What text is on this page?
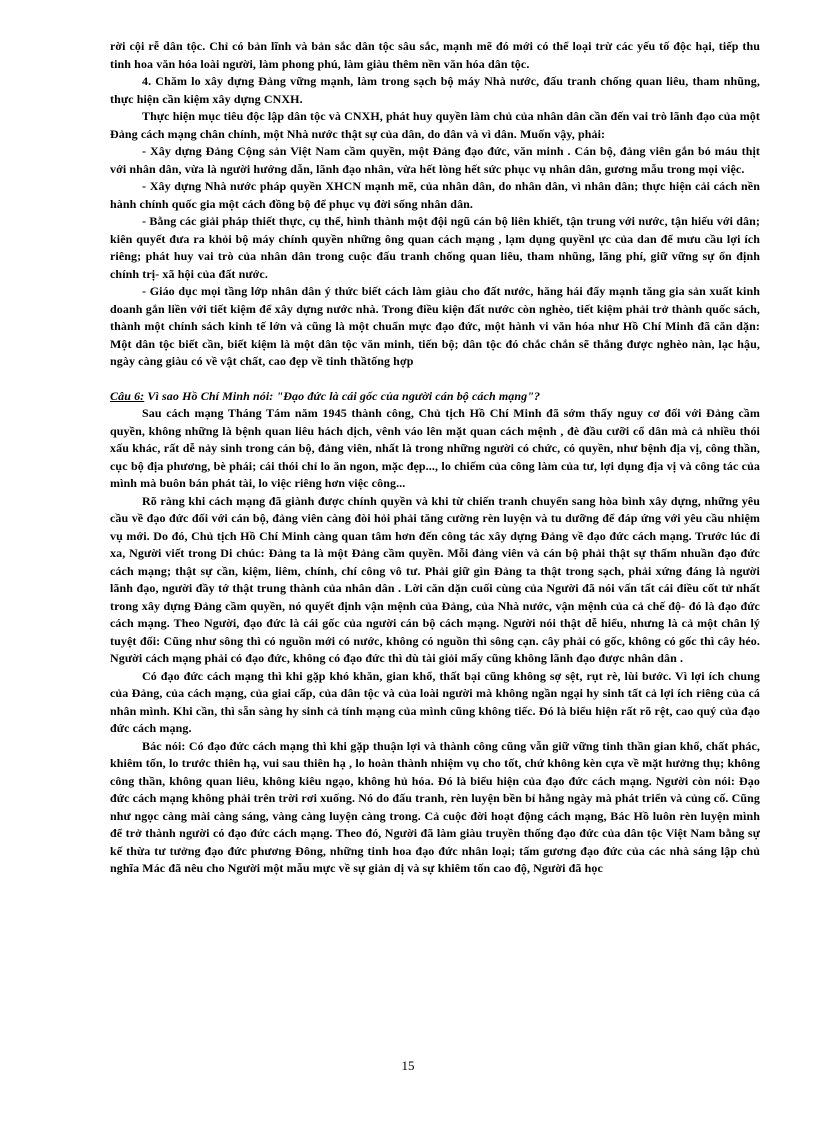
rời cội rễ dân tộc. Chỉ có bản lĩnh và bản sắc dân tộc sâu sắc, mạnh mẽ đó mới có thể loại trừ các yếu tố độc hại, tiếp thu tinh hoa văn hóa loài người, làm phong phú, làm giàu thêm nền văn hóa dân tộc.

4. Chăm lo xây dựng Đảng vững mạnh, làm trong sạch bộ máy Nhà nước, đấu tranh chống quan liêu, tham nhũng, thực hiện cần kiệm xây dựng CNXH.

Thực hiện mục tiêu độc lập dân tộc và CNXH, phát huy quyền làm chủ của nhân dân cần đến vai trò lãnh đạo của một Đảng cách mạng chân chính, một Nhà nước thật sự của dân, do dân và vì dân. Muốn vậy, phải:

- Xây dựng Đảng Cộng sản Việt Nam cầm quyền, một Đảng đạo đức, văn minh . Cán bộ, đảng viên gắn bó máu thịt với nhân dân, vừa là người hướng dẫn, lãnh đạo nhân, vừa hết lòng hết sức phục vụ nhân dân, gương mẫu trong mọi việc.

- Xây dựng Nhà nước pháp quyền XHCN mạnh mẽ, của nhân dân, do nhân dân, vì nhân dân; thực hiện cải cách nền hành chính quốc gia một cách đồng bộ để phục vụ đời sống nhân dân.

- Bằng các giải pháp thiết thực, cụ thể, hình thành một đội ngũ cán bộ liên khiết, tận trung với nước, tận hiếu với dân; kiên quyết đưa ra khỏi bộ máy chính quyền những ông quan cách mạng , lạm dụng quyềnl ực của dan để mưu cầu lợi ích riêng; phát huy vai trò của nhân dân trong cuộc đấu tranh chống quan liêu, tham nhũng, lãng phí, giữ vững sự ổn định chính trị- xã hội của đất nước.

- Giáo dục mọi tầng lớp nhân dân ý thức biết cách làm giàu cho đất nước, hăng hái đẩy mạnh tăng gia sản xuất kinh doanh gắn liền với tiết kiệm để xây dựng nước nhà. Trong điều kiện đất nước còn nghèo, tiết kiệm phải trở thành quốc sách, thành một chính sách kinh tế lớn và cũng là một chuẩn mực đạo đức, một hành vi văn hóa như Hồ Chí Minh đã căn dặn: Một dân tộc biết cần, biết kiệm là một dân tộc văn minh, tiến bộ; dân tộc đó chắc chắn sẽ thắng được nghèo nàn, lạc hậu, ngày càng giàu có về vật chất, cao đẹp về tinh thầtống hợp

Câu 6: Vì sao Hồ Chí Minh nói: "Đạo đức là cái gốc của người cán bộ cách mạng"?

Sau cách mạng Tháng Tám năm 1945 thành công, Chủ tịch Hồ Chí Minh đã sớm thấy nguy cơ đối với Đảng cầm quyền, không những là bệnh quan liêu hách dịch, vênh váo lên mặt quan cách mệnh , đè đầu cưỡi cổ dân mà cả nhiều thói xấu khác, rất dễ nảy sinh trong cán bộ, đảng viên, nhất là trong những người có chức, có quyền, như bệnh địa vị, công thần, cục bộ địa phương, bè phái; cái thói chỉ lo ăn ngon, mặc đẹp..., lo chiếm của công làm của tư, lợi dụng địa vị và công tác của mình mà buôn bán phát tài, lo việc riêng hơn việc công...

Rõ ràng khi cách mạng đã giành được chính quyền và khi từ chiến tranh chuyển sang hòa bình xây dựng, những yêu cầu về đạo đức đối với cán bộ, đảng viên càng đòi hỏi phải tăng cường rèn luyện và tu dưỡng để đáp ứng với yêu cầu nhiệm vụ mới. Do đó, Chủ tịch Hồ Chí Minh càng quan tâm hơn đến công tác xây dựng Đảng về đạo đức cách mạng. Trước lúc đi xa, Người viết trong Di chúc: Đảng ta là một Đảng cầm quyền. Mỗi đảng viên và cán bộ phải thật sự thấm nhuần đạo đức cách mạng; thật sự cần, kiệm, liêm, chính, chí công vô tư. Phải giữ gìn Đảng ta thật trong sạch, phải xứng đáng là người lãnh đạo, người đầy tớ thật trung thành của nhân dân . Lời căn dặn cuối cùng của Người đã nói vấn tất cái điều cốt tử nhất trong xây dựng Đảng cầm quyền, nó quyết định vận mệnh của Đảng, của Nhà nước, vận mệnh của cả chế độ- đó là đạo đức cách mạng. Theo Người, đạo đức là cái gốc của người cán bộ cách mạng. Người nói thật dễ hiểu, nhưng là cả một chân lý tuyệt đối: Cũng như sông thì có nguồn mới có nước, không có nguồn thì sông cạn. cây phải có gốc, không có gốc thì cây héo. Người cách mạng phải có đạo đức, không có đạo đức thì dù tài giỏi mấy cũng không lãnh đạo được nhân dân .

Có đạo đức cách mạng thì khi gặp khó khăn, gian khổ, thất bại cũng không sợ sệt, rụt rè, lùi bước. Vì lợi ích chung của Đảng, của cách mạng, của giai cấp, của dân tộc và của loài người mà không ngần ngại hy sinh tất cả lợi ích riêng của cá nhân mình. Khi cần, thì sẵn sàng hy sinh cả tính mạng của mình cũng không tiếc. Đó là biểu hiện rất rõ rệt, cao quý của đạo đức cách mạng.

Bác nói: Có đạo đức cách mạng thì khi gặp thuận lợi và thành công cũng vẫn giữ vững tinh thần gian khổ, chất phác, khiêm tốn, lo trước thiên hạ, vui sau thiên hạ , lo hoàn thành nhiệm vụ cho tốt, chứ không kèn cựa về mặt hưởng thụ; không công thần, không quan liêu, không kiêu ngạo, không hủ hóa. Đó là biểu hiện của đạo đức cách mạng. Người còn nói: Đạo đức cách mạng không phải trên trời rơi xuống. Nó do đấu tranh, rèn luyện bền bỉ hằng ngày mà phát triển và củng cố. Cũng như ngọc càng mài càng sáng, vàng càng luyện càng trong. Cả cuộc đời hoạt động cách mạng, Bác Hồ luôn rèn luyện mình để trở thành người có đạo đức cách mạng. Theo đó, Người đã làm giàu truyền thống đạo đức của dân tộc Việt Nam bằng sự kế thừa tư tưởng đạo đức phương Đông, những tinh hoa đạo đức nhân loại; tấm gương đạo đức của các nhà sáng lập chủ nghĩa Mác đã nêu cho Người một mẫu mực về sự giản dị và sự khiêm tốn cao độ, Người đã học

15
